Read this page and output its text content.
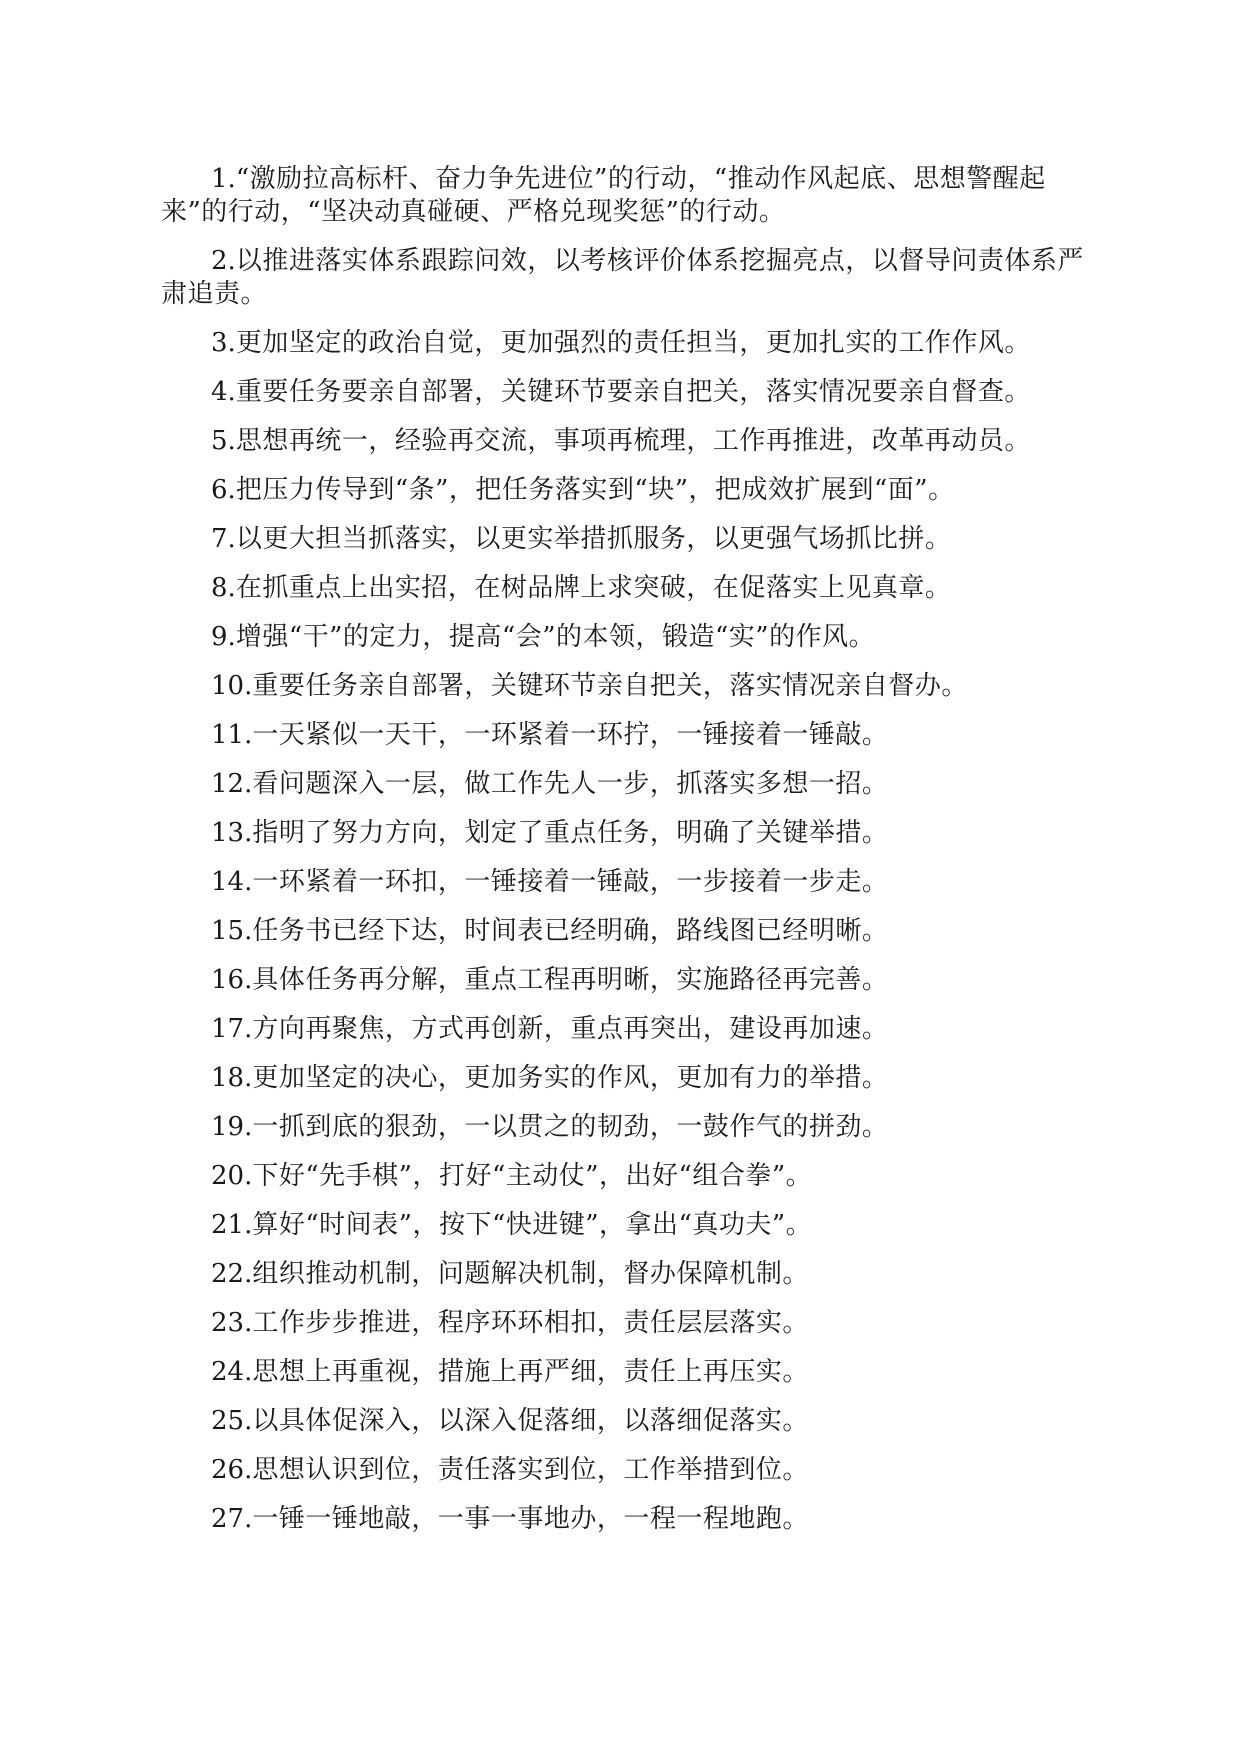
1.“激励拉高标杆、奋力争先进位”的行动，“推动作风起底、思想警醒起来”的行动，“坚决动真碰硬、严格兑现奖惩”的行动。

2.以推进落实体系跟踪问效，以考核评价体系挖掘亮点，以督导问责体系严肃追责。

3.更加坚定的政治自觉，更加强烈的责任担当，更加扎实的工作作风。

4.重要任务要亲自部署，关键环节要亲自把关，落实情况要亲自督查。

5.思想再统一，经验再交流，事项再梳理，工作再推进，改革再动员。

6.把压力传导到“条”，把任务落实到“块”，把成效扩展到“面”。

7.以更大担当抓落实，以更实举措抓服务，以更强气场抓比拼。

8.在抓重点上出实招，在树品牌上求突破，在促落实上见真章。

9.增强“干”的定力，提高“会”的本领，锻造“实”的作风。

10.重要任务亲自部署，关键环节亲自把关，落实情况亲自督办。

11.一天紧似一天干，一环紧着一环拧，一锤接着一锤敲。

12.看问题深入一层，做工作先人一步，抓落实多想一招。

13.指明了努力方向，划定了重点任务，明确了关键举措。

14.一环紧着一环扣，一锤接着一锤敲，一步接着一步走。

15.任务书已经下达，时间表已经明确，路线图已经明晰。

16.具体任务再分解，重点工程再明晰，实施路径再完善。

17.方向再聚焦，方式再创新，重点再突出，建设再加速。

18.更加坚定的决心，更加务实的作风，更加有力的举措。

19.一抓到底的狠劲，一以贯之的韧劲，一鼓作气的拼劲。

20.下好“先手棋”，打好“主动仗”，出好“组合拳”。

21.算好“时间表”，按下“快进键”，拿出“真功夫”。

22.组织推动机制，问题解决机制，督办保障机制。

23.工作步步推进，程序环环相扣，责任层层落实。

24.思想上再重视，措施上再严细，责任上再压实。

25.以具体促深入，以深入促落细，以落细促落实。

26.思想认识到位，责任落实到位，工作举措到位。

27.一锤一锤地敲，一事一事地办，一程一程地跑。
